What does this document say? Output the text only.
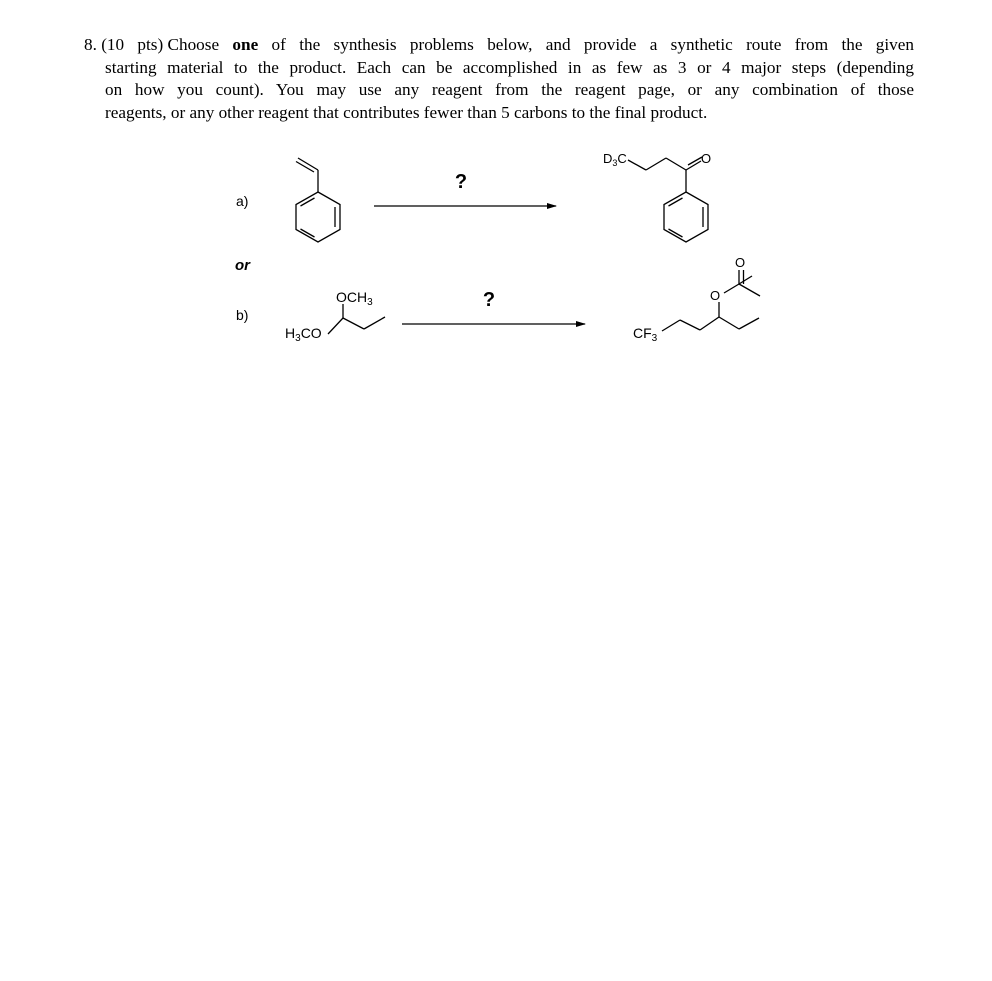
8. (10 pts) Choose one of the synthesis problems below, and provide a synthetic route from the given
starting material to the product. Each can be accomplished in as few as 3 or 4 major steps (depending
on how you count). You may use any reagent from the reagent page, or any combination of those
reagents, or any other reagent that contributes fewer than 5 carbons to the final product.
a)
?
$D_3C$	O
or
b)
$OCH_3$
$H_3CO$
?
O
O
$CF_3$
